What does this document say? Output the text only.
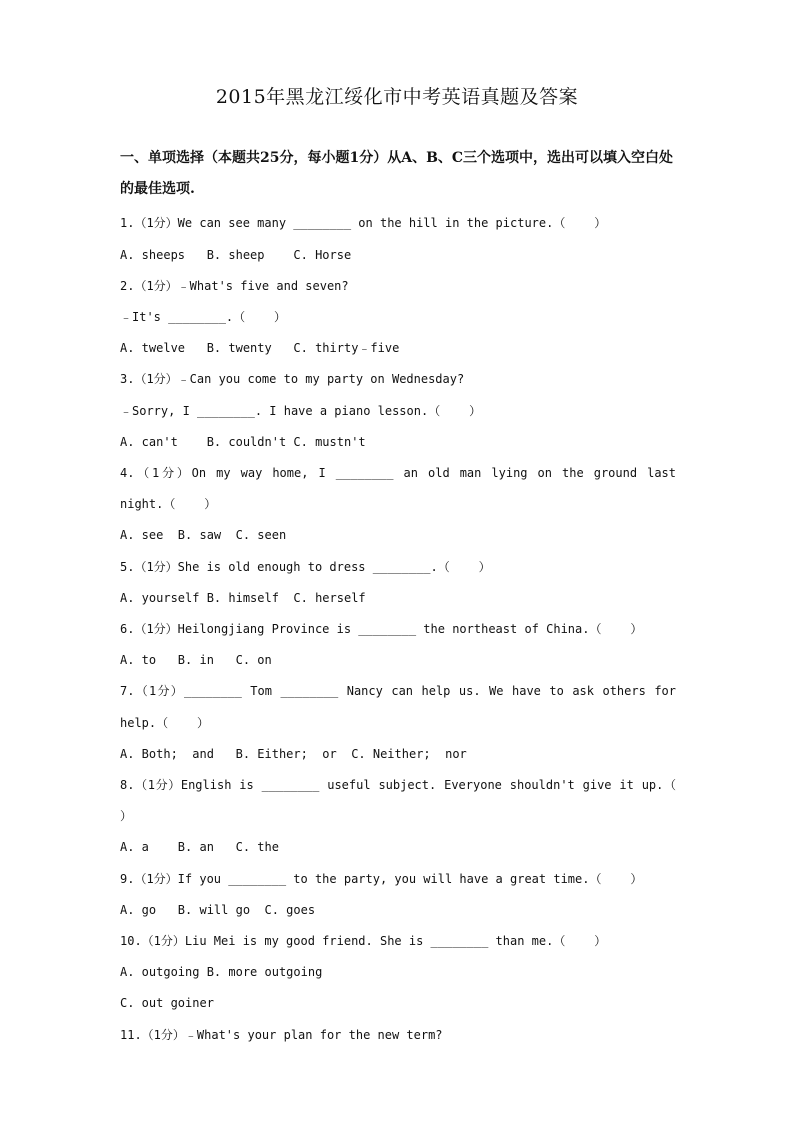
2015年黑龙江绥化市中考英语真题及答案
一、单项选择（本题共25分，每小题1分）从A、B、C三个选项中，选出可以填入空白处
的最佳选项.
1.（1分）We can see many ________ on the hill in the picture.（    ）
A. sheeps   B. sheep    C. Horse
2.（1分）﹣What's five and seven?
﹣It's ________.（    ）
A. twelve   B. twenty   C. thirty﹣five
3.（1分）﹣Can you come to my party on Wednesday?
﹣Sorry, I ________. I have a piano lesson.（    ）
A. can't    B. couldn't C. mustn't
4.（1分）On my way home, I ________ an old man lying on the ground last
night.（    ）
A. see  B. saw  C. seen
5.（1分）She is old enough to dress ________.（    ）
A. yourself B. himself  C. herself
6.（1分）Heilongjiang Province is ________ the northeast of China.（    ）
A. to   B. in   C. on
7.（1分）________ Tom ________ Nancy can help us. We have to ask others for
help.（    ）
A. Both;  and   B. Either;  or  C. Neither;  nor
8.（1分）English is ________ useful subject. Everyone shouldn't give it up.（
）
A. a    B. an   C. the
9.（1分）If you ________ to the party, you will have a great time.（    ）
A. go   B. will go  C. goes
10.（1分）Liu Mei is my good friend. She is ________ than me.（    ）
A. outgoing B. more outgoing
C. out goiner
11.（1分）﹣What's your plan for the new term?
